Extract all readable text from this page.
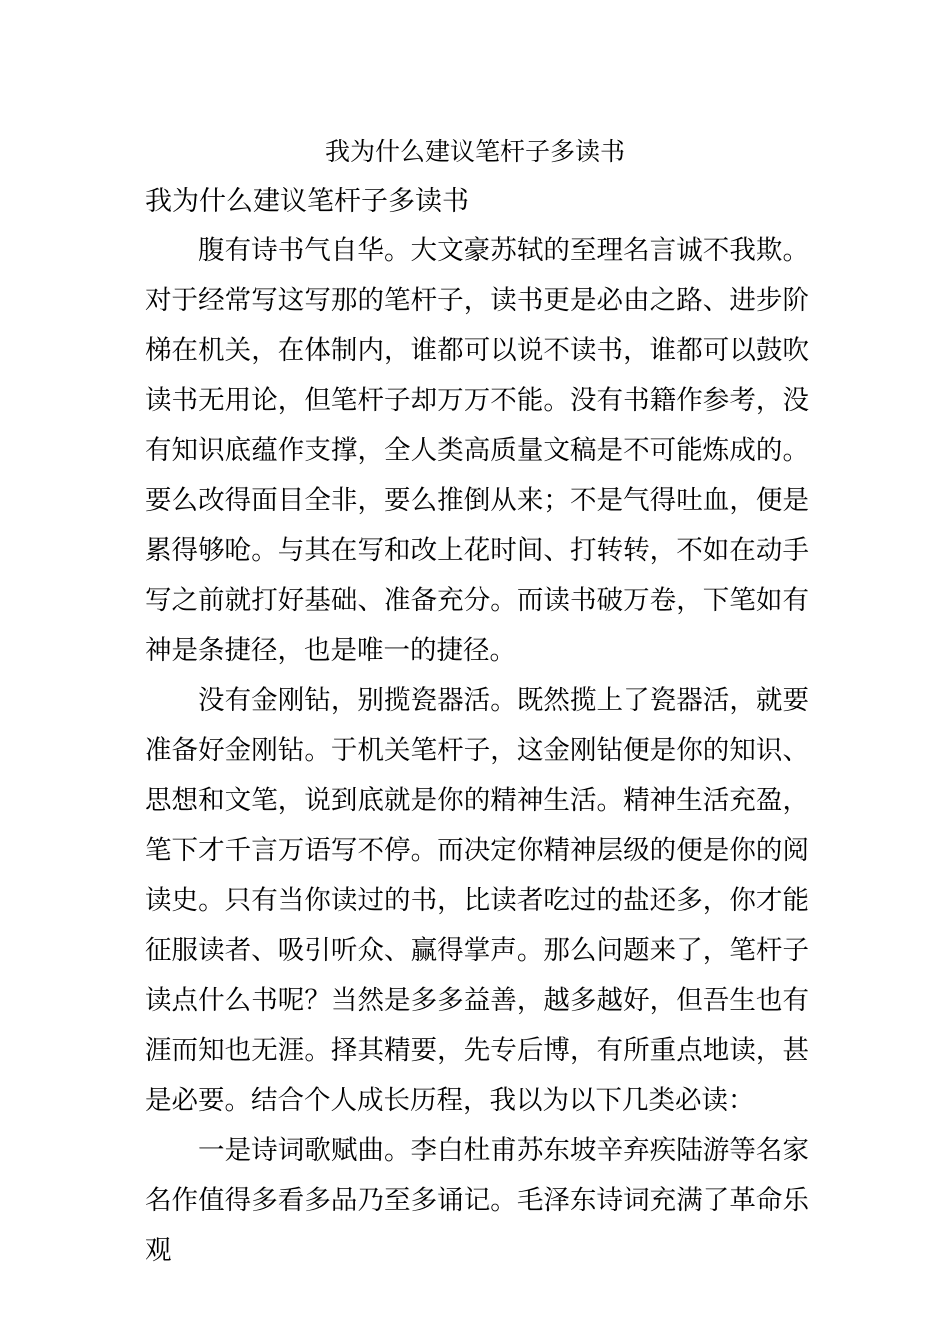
我为什么建议笔杆子多读书
我为什么建议笔杆子多读书

腹有诗书气自华。大文豪苏轼的至理名言诚不我欺。对于经常写这写那的笔杆子，读书更是必由之路、进步阶梯在机关，在体制内，谁都可以说不读书，谁都可以鼓吹读书无用论，但笔杆子却万万不能。没有书籍作参考，没有知识底蕴作支撑，全人类高质量文稿是不可能炼成的。要么改得面目全非，要么推倒从来；不是气得吐血，便是累得够呛。与其在写和改上花时间、打转转，不如在动手写之前就打好基础、准备充分。而读书破万卷，下笔如有神是条捷径，也是唯一的捷径。

没有金刚钻，别揽瓷器活。既然揽上了瓷器活，就要准备好金刚钻。于机关笔杆子，这金刚钻便是你的知识、思想和文笔，说到底就是你的精神生活。精神生活充盈，笔下才千言万语写不停。而决定你精神层级的便是你的阅读史。只有当你读过的书，比读者吃过的盐还多，你才能征服读者、吸引听众、赢得掌声。那么问题来了，笔杆子读点什么书呢？当然是多多益善，越多越好，但吾生也有涯而知也无涯。择其精要，先专后博，有所重点地读，甚是必要。结合个人成长历程，我以为以下几类必读：

一是诗词歌赋曲。李白杜甫苏东坡辛弃疾陆游等名家名作值得多看多品乃至多诵记。毛泽东诗词充满了革命乐观
